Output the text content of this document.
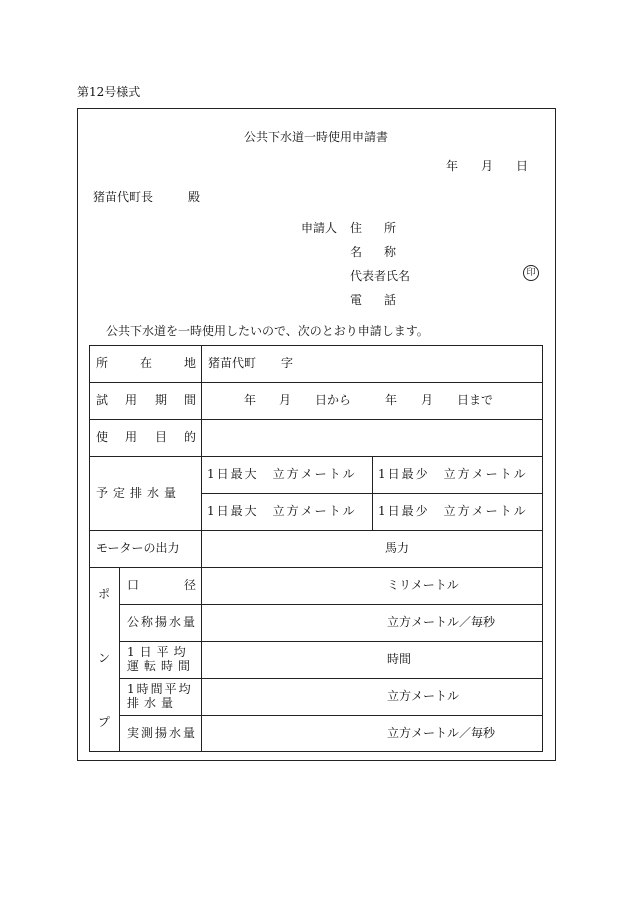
第12号様式
公共下水道一時使用申請書
年 月 日
猪苗代町長	殿
申請人 住 所
名 称
代表者氏名	印
電 話
公共下水道を一時使用したいので、次のとおり申請します。
所	在	地 猪苗代町 字
試 用 期 間	年 月 日から	年 月 日まで
使 用 目 的
予定排水量
1日最大　立方メートル 1日最少　立方メートル
1日最大　立方メートル 1日最少　立方メートル
モーターの出力	馬力
ポ
ン
プ
口	径	ミリメートル
公称揚水量	立方メートル／毎秒
1日平均
運転時間	時間
1時間平均
排水量	立方メートル
実測揚水量	立方メートル／毎秒
